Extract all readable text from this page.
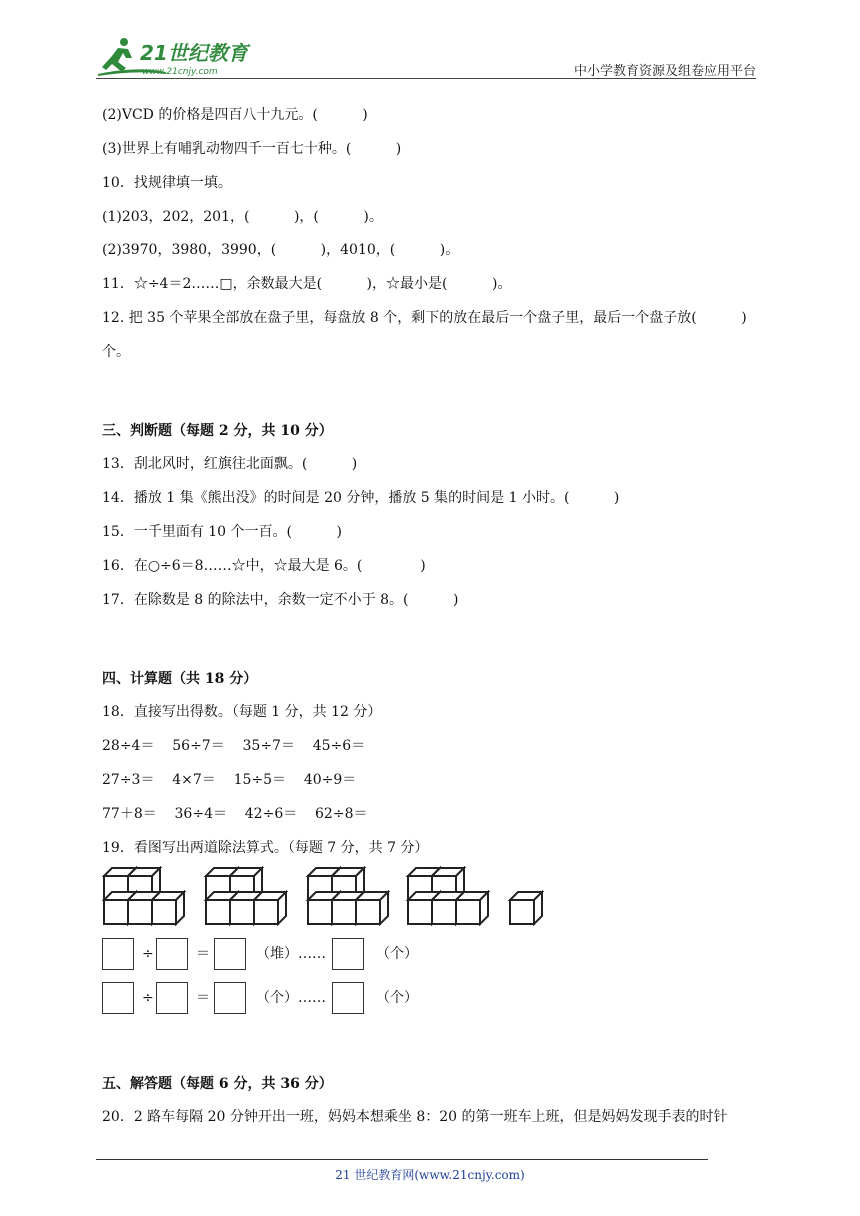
21世纪教育
www.21cnjy.com	中小学教育资源及组卷应用平台
(2)VCD 的价格是四百八十九元。(          )
(3)世界上有哺乳动物四千一百七十种。(          )
10．找规律填一填。
(1)203，202，201，(          )，(          )。
(2)3970，3980，3990，(          )，4010，(          )。
11．☆÷4＝2……□，余数最大是(          )，☆最小是(          )。
12. 把 35 个苹果全部放在盘子里，每盘放 8 个，剩下的放在最后一个盘子里，最后一个盘子放(          )
个。
三、判断题（每题 2 分，共 10 分）
13．刮北风时，红旗往北面飘。(          )
14．播放 1 集《熊出没》的时间是 20 分钟，播放 5 集的时间是 1 小时。(          )
15．一千里面有 10 个一百。(          )
16．在○÷6＝8……☆中，☆最大是 6。(             )
17．在除数是 8 的除法中，余数一定不小于 8。(          )
四、计算题（共 18 分）
18．直接写出得数。（每题 1 分，共 12 分）
28÷4＝    56÷7＝    35÷7＝    45÷6＝
27÷3＝    4×7＝    15÷5＝    40÷9＝
77＋8＝    36÷4＝    42÷6＝    62÷8＝
19．看图写出两道除法算式。（每题 7 分，共 7 分）
÷	＝	（堆）……	（个）
÷	＝	（个）……	（个）
五、解答题（每题 6 分，共 36 分）
20．2 路车每隔 20 分钟开出一班，妈妈本想乘坐 8：20 的第一班车上班，但是妈妈发现手表的时针
21 世纪教育网(www.21cnjy.com)
